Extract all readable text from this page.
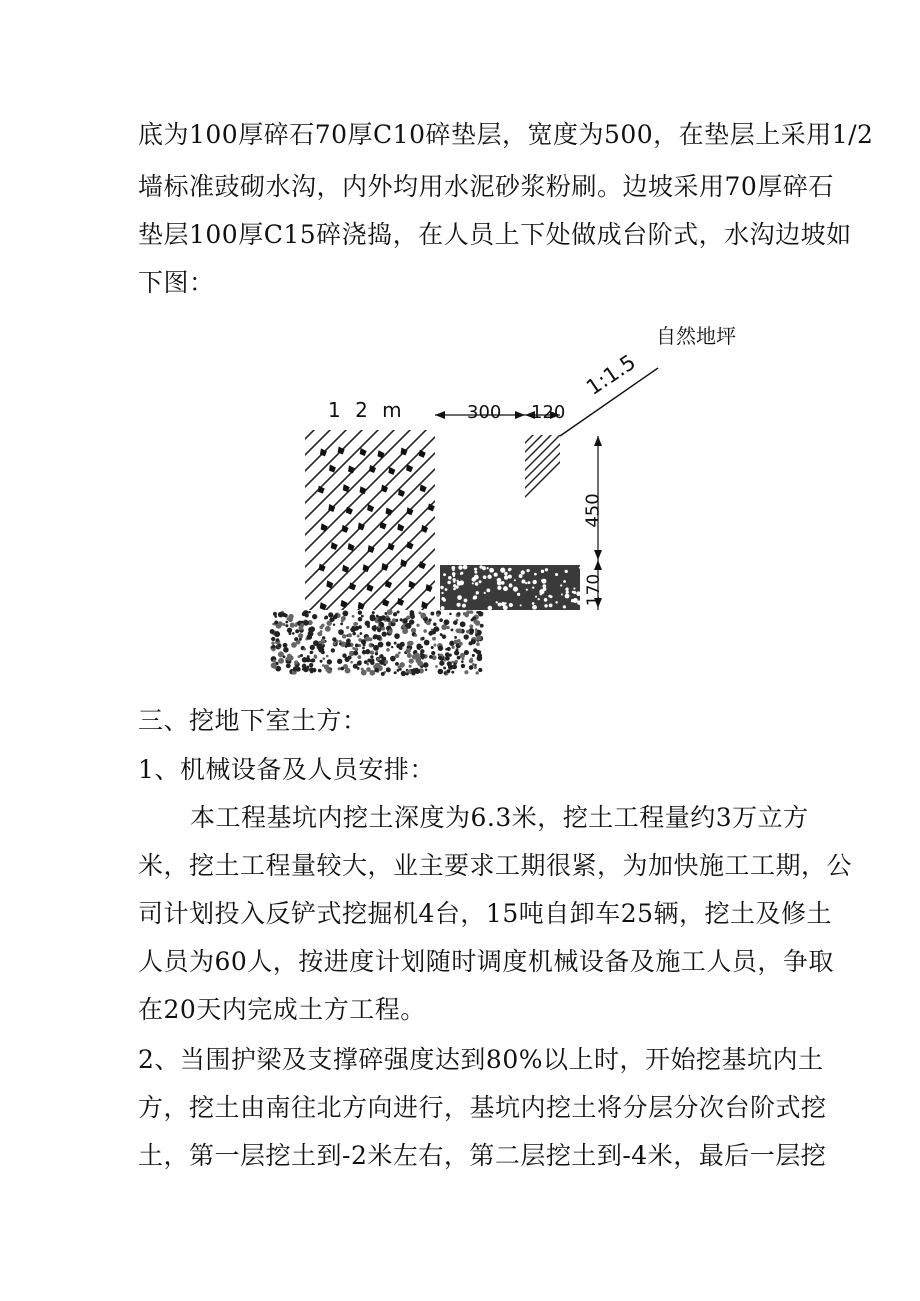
底为100厚碎石70厚C10碎垫层，宽度为500，在垫层上采用1/2
墙标准豉砌水沟，内外均用水泥砂浆粉刷。边坡采用70厚碎石
垫层100厚C15碎浇捣，在人员上下处做成台阶式，水沟边坡如
下图：
自然地坪
1 2 m	300 120
1:1.5
450
170
三、挖地下室土方：
1、机械设备及人员安排：
本工程基坑内挖土深度为6.3米，挖土工程量约3万立方
米，挖土工程量较大，业主要求工期很紧，为加快施工工期，公
司计划投入反铲式挖掘机4台，15吨自卸车25辆，挖土及修土
人员为60人，按进度计划随时调度机械设备及施工人员，争取
在20天内完成土方工程。
2、当围护梁及支撑碎强度达到80%以上时，开始挖基坑内土
方，挖土由南往北方向进行，基坑内挖土将分层分次台阶式挖
土，第一层挖土到-2米左右，第二层挖土到-4米，最后一层挖
